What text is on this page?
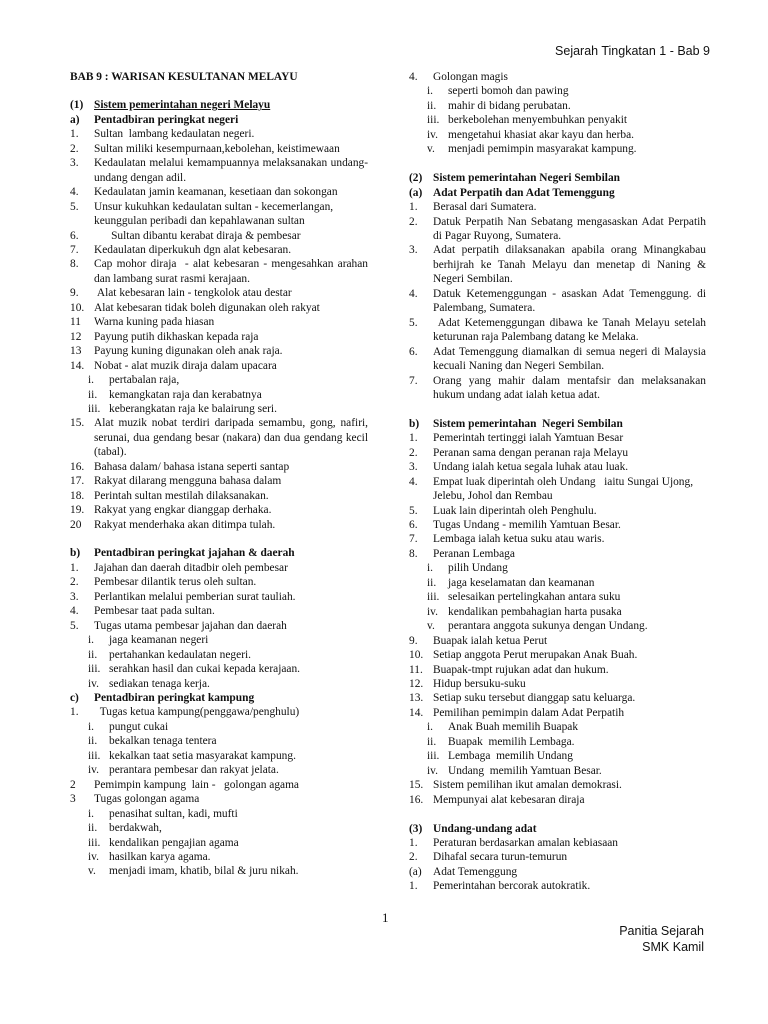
Sejarah Tingkatan 1 - Bab 9
BAB 9 : WARISAN KESULTANAN MELAYU
(1) Sistem pemerintahan negeri Melayu
a)	Pentadbiran peringkat negeri
1.	Sultan  lambang kedaulatan negeri.
2.	Sultan miliki kesempurnaan,kebolehan, keistimewaan
3.	Kedaulatan melalui kemampuannya melaksanakan undang-undang dengan adil.
4.	Kedaulatan jamin keamanan, kesetiaan dan sokongan
5.	Unsur kukuhkan kedaulatan sultan - kecemerlangan, keunggulan peribadi dan kepahlawanan sultan
6.	Sultan dibantu kerabat diraja & pembesar
7.	Kedaulatan diperkukuh dgn alat kebesaran.
8.	Cap mohor diraja  - alat kebesaran - mengesahkan arahan dan lambang surat rasmi kerajaan.
9.	Alat kebesaran lain - tengkolok atau destar
10. Alat kebesaran tidak boleh digunakan oleh rakyat
11	Warna kuning pada hiasan
12	Payung putih dikhaskan kepada raja
13	Payung kuning digunakan oleh anak raja.
14. Nobat - alat muzik diraja dalam upacara
i.	pertabalan raja,
ii.	kemangkatan raja dan kerabatnya
iii. keberangkatan raja ke balairung seri.
15. Alat muzik nobat terdiri daripada semambu, gong, nafiri, serunai, dua gendang besar (nakara) dan dua gendang kecil (tabal).
16. Bahasa dalam/ bahasa istana seperti santap
17. Rakyat dilarang mengguna bahasa dalam
18. Perintah sultan mestilah dilaksanakan.
19. Rakyat yang engkar dianggap derhaka.
20	Rakyat menderhaka akan ditimpa tulah.
b)	Pentadbiran peringkat jajahan & daerah
1.	Jajahan dan daerah ditadbir oleh pembesar
2.	Pembesar dilantik terus oleh sultan.
3.	Perlantikan melalui pemberian surat tauliah.
4.	Pembesar taat pada sultan.
5.	Tugas utama pembesar jajahan dan daerah
i.	jaga keamanan negeri
ii.	pertahankan kedaulatan negeri.
iii. serahkan hasil dan cukai kepada kerajaan.
iv. sediakan tenaga kerja.
c)	Pentadbiran peringkat kampung
1.	Tugas ketua kampung(penggawa/penghulu)
i.	pungut cukai
ii.	bekalkan tenaga tentera
iii. kekalkan taat setia masyarakat kampung.
iv. perantara pembesar dan rakyat jelata.
2	Pemimpin kampung  lain -   golongan agama
3	Tugas golongan agama
i.	penasihat sultan, kadi, mufti
ii.	berdakwah,
iii. kendalikan pengajian agama
iv. hasilkan karya agama.
v.	menjadi imam, khatib, bilal & juru nikah.
4.	Golongan magis
i.	seperti bomoh dan pawing
ii.	mahir di bidang perubatan.
iii. berkebolehan menyembuhkan penyakit
iv. mengetahui khasiat akar kayu dan herba.
v.	menjadi pemimpin masyarakat kampung.
(2) Sistem pemerintahan Negeri Sembilan
(a) Adat Perpatih dan Adat Temenggung
1.	Berasal dari Sumatera.
2.	Datuk Perpatih Nan Sebatang mengasaskan Adat Perpatih di Pagar Ruyong, Sumatera.
3.	Adat perpatih dilaksanakan apabila orang Minangkabau berhijrah ke Tanah Melayu dan menetap di Naning & Negeri Sembilan.
4.	Datuk Ketemenggungan - asaskan Adat Temenggung. di Palembang, Sumatera.
5.	Adat Ketemenggungan dibawa ke Tanah Melayu setelah keturunan raja Palembang datang ke Melaka.
6.	Adat Temenggung diamalkan di semua negeri di Malaysia kecuali Naning dan Negeri Sembilan.
7.	Orang yang mahir dalam mentafsir dan melaksanakan hukum undang adat ialah ketua adat.
b)	Sistem pemerintahan  Negeri Sembilan
1.	Pemerintah tertinggi ialah Yamtuan Besar
2.	Peranan sama dengan peranan raja Melayu
3.	Undang ialah ketua segala luhak atau luak.
4.	Empat luak diperintah oleh Undang   iaitu Sungai Ujong, Jelebu, Johol dan Rembau
5.	Luak lain diperintah oleh Penghulu.
6.	Tugas Undang - memilih Yamtuan Besar.
7.	Lembaga ialah ketua suku atau waris.
8.	Peranan Lembaga
i.	pilih Undang
ii.	jaga keselamatan dan keamanan
iii. selesaikan pertelingkahan antara suku
iv. kendalikan pembahagian harta pusaka
v.	perantara anggota sukunya dengan Undang.
9.	Buapak ialah ketua Perut
10. Setiap anggota Perut merupakan Anak Buah.
11. Buapak-tmpt rujukan adat dan hukum.
12. Hidup bersuku-suku
13. Setiap suku tersebut dianggap satu keluarga.
14. Pemilihan pemimpin dalam Adat Perpatih
i.	Anak Buah memilih Buapak
ii.	Buapak  memilih Lembaga.
iii. Lembaga  memilih Undang
iv. Undang  memilih Yamtuan Besar.
15. Sistem pemilihan ikut amalan demokrasi.
16. Mempunyai alat kebesaran diraja
(3) Undang-undang adat
1.	Peraturan berdasarkan amalan kebiasaan
2.	Dihafal secara turun-temurun
(a) Adat Temenggung
1.	Pemerintahan bercorak autokratik.
1
Panitia Sejarah
SMK Kamil
